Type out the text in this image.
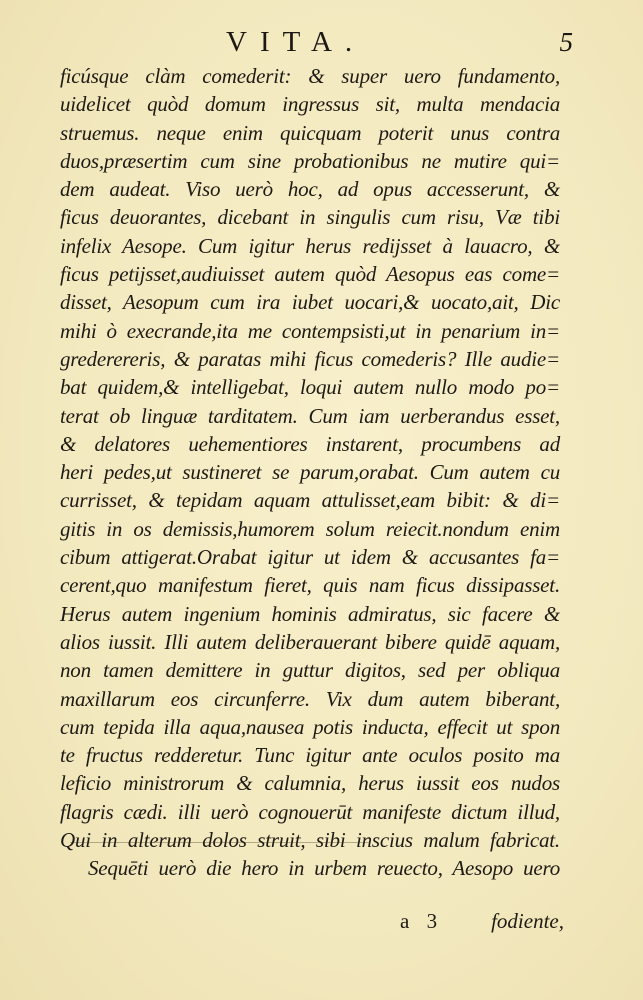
VITA.	5
ficúsque clàm comederit: & super uero fundamento,
uidelicet quòd domum ingressus sit, multa mendacia
struemus. neque enim quicquam poterit unus contra
duos,præsertim cum sine probationibus ne mutire qui=
dem audeat. Viso uerò hoc, ad opus accesserunt, &
ficus deuorantes, dicebant in singulis cum risu, Væ tibi
infelix Aesope. Cum igitur herus redijsset à lauacro, &
ficus petijsset,audiuisset autem quòd Aesopus eas come=
disset, Aesopum cum ira iubet uocari,& uocato,ait, Dic
mihi ò execrande,ita me contempsisti,ut in penarium in=
grederereris, & paratas mihi ficus comederis? Ille audie=
bat quidem,& intelligebat, loqui autem nullo modo po=
terat ob linguæ tarditatem. Cum iam uerberandus esset,
& delatores uehementiores instarent, procumbens ad
heri pedes,ut sustineret se parum,orabat. Cum autem cu
currisset, & tepidam aquam attulisset,eam bibit: & di=
gitis in os demissis,humorem solum reiecit.nondum enim
cibum attigerat.Orabat igitur ut idem & accusantes fa=
cerent,quo manifestum fieret, quis nam ficus dissipasset.
Herus autem ingenium hominis admiratus, sic facere &
alios iussit. Illi autem deliberauerant bibere quidē aquam,
non tamen demittere in guttur digitos, sed per obliqua
maxillarum eos circunferre. Vix dum autem biberant,
cum tepida illa aqua,nausea potis inducta, effecit ut spon
te fructus redderetur. Tunc igitur ante oculos posito ma
leficio ministrorum & calumnia, herus iussit eos nudos
flagris cædi. illi uerò cognouerūt manifeste dictum illud,
Qui in alterum dolos struit, sibi inscius malum fabricat.
Sequēti uerò die hero in urbem reuecto, Aesopo uero
a 3 fodiente,
